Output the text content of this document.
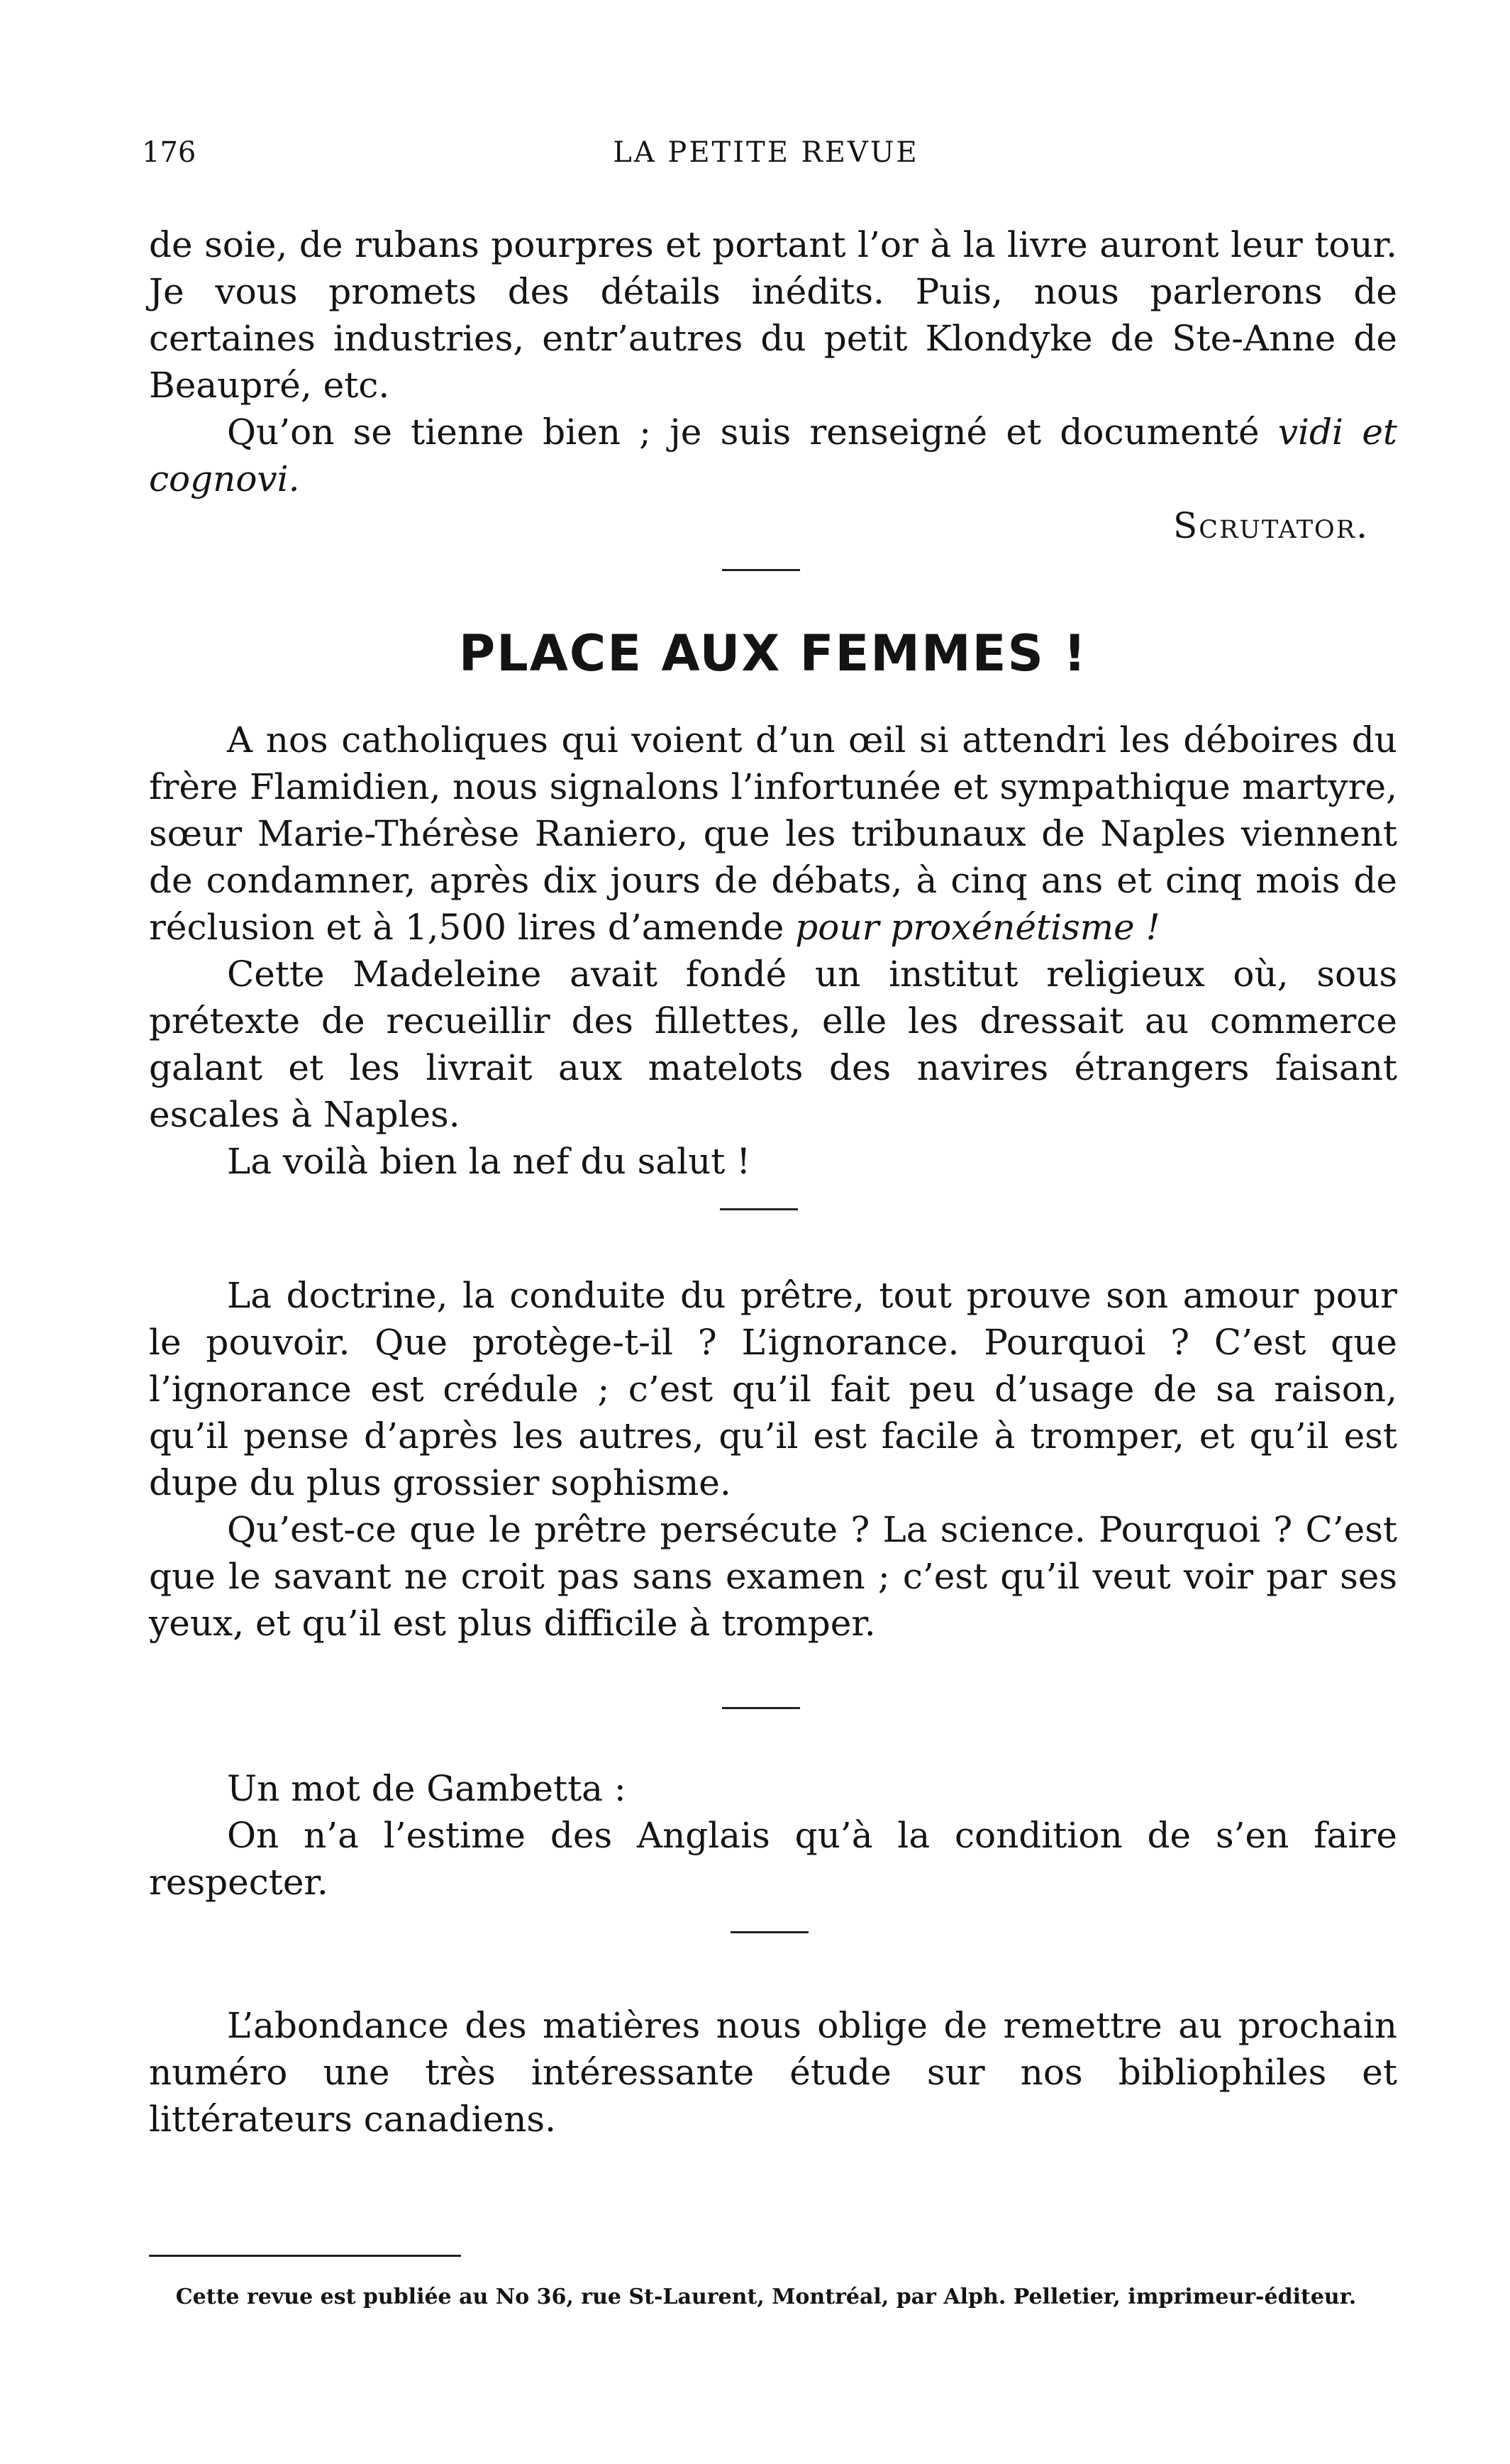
176	LA PETITE REVUE

de soie, de rubans pourpres et portant l’or à la livre auront leur tour. Je vous promets des détails inédits. Puis, nous parlerons de certaines industries, entr’autres du petit Klondyke de Ste-Anne de Beaupré, etc.

Qu’on se tienne bien ; je suis renseigné et documenté vidi et cognovi.

Scrutator.

PLACE AUX FEMMES !

A nos catholiques qui voient d’un œil si attendri les déboires du frère Flamidien, nous signalons l’infortunée et sympathique martyre, sœur Marie-Thérèse Raniero, que les tribunaux de Naples viennent de condamner, après dix jours de débats, à cinq ans et cinq mois de réclusion et à 1,500 lires d’amende pour proxénétisme !

Cette Madeleine avait fondé un institut religieux où, sous prétexte de recueillir des fillettes, elle les dressait au commerce galant et les livrait aux matelots des navires étrangers faisant escales à Naples.

La voilà bien la nef du salut !

La doctrine, la conduite du prêtre, tout prouve son amour pour le pouvoir. Que protège-t-il ? L’ignorance. Pourquoi ? C’est que l’ignorance est crédule ; c’est qu’il fait peu d’usage de sa raison, qu’il pense d’après les autres, qu’il est facile à tromper, et qu’il est dupe du plus grossier sophisme.

Qu’est-ce que le prêtre persécute ? La science. Pourquoi ? C’est que le savant ne croit pas sans examen ; c’est qu’il veut voir par ses yeux, et qu’il est plus difficile à tromper.

Un mot de Gambetta :

On n’a l’estime des Anglais qu’à la condition de s’en faire respecter.

L’abondance des matières nous oblige de remettre au prochain numéro une très intéressante étude sur nos bibliophiles et littérateurs canadiens.

Cette revue est publiée au No 36, rue St-Laurent, Montréal, par Alph. Pelletier, imprimeur-éditeur.
